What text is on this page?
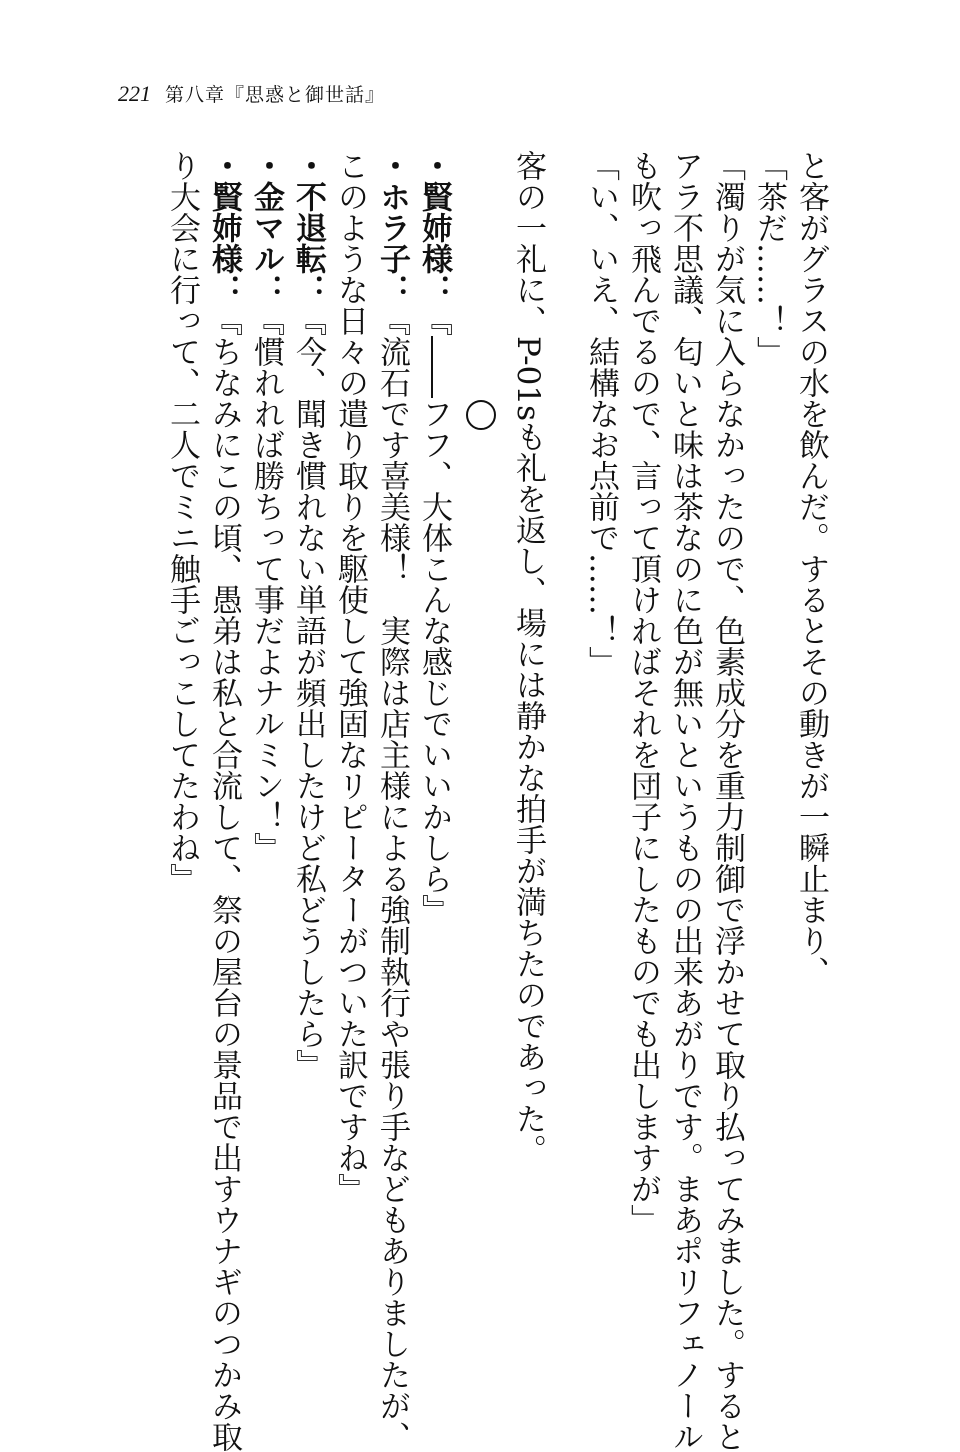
221 第八章『思惑と御世話』
と客がグラスの水を飲んだ。するとその動きが一瞬止まり、
「茶だ……！」
「濁りが気に入らなかったので、色素成分を重力制御で浮かせて取り払ってみました。すると
アラ不思議、匂いと味は茶なのに色が無いというものの出来あがりです。まあポリフェノール
も吹っ飛んでるので、言って頂ければそれを団子にしたものでも出しますが」
「い、いえ、結構なお点前で……！」
客の一礼に、P-01sも礼を返し、場には静かな拍手が満ちたのであった。
・賢姉様：『――フフ、大体こんな感じでいいかしら』
・ホラ子：『流石です喜美様！　実際は店主様による強制執行や張り手などもありましたが、
このような日々の遣り取りを駆使して強固なリピーターがついた訳ですね』
・不退転：『今、聞き慣れない単語が頻出したけど私どうしたら』
・金マル：『慣れれば勝ちって事だよナルミン！』
・賢姉様：『ちなみにこの頃、愚弟は私と合流して、祭の屋台の景品で出すウナギのつかみ取
り大会に行って、二人でミニ触手ごっこしてたわね』
